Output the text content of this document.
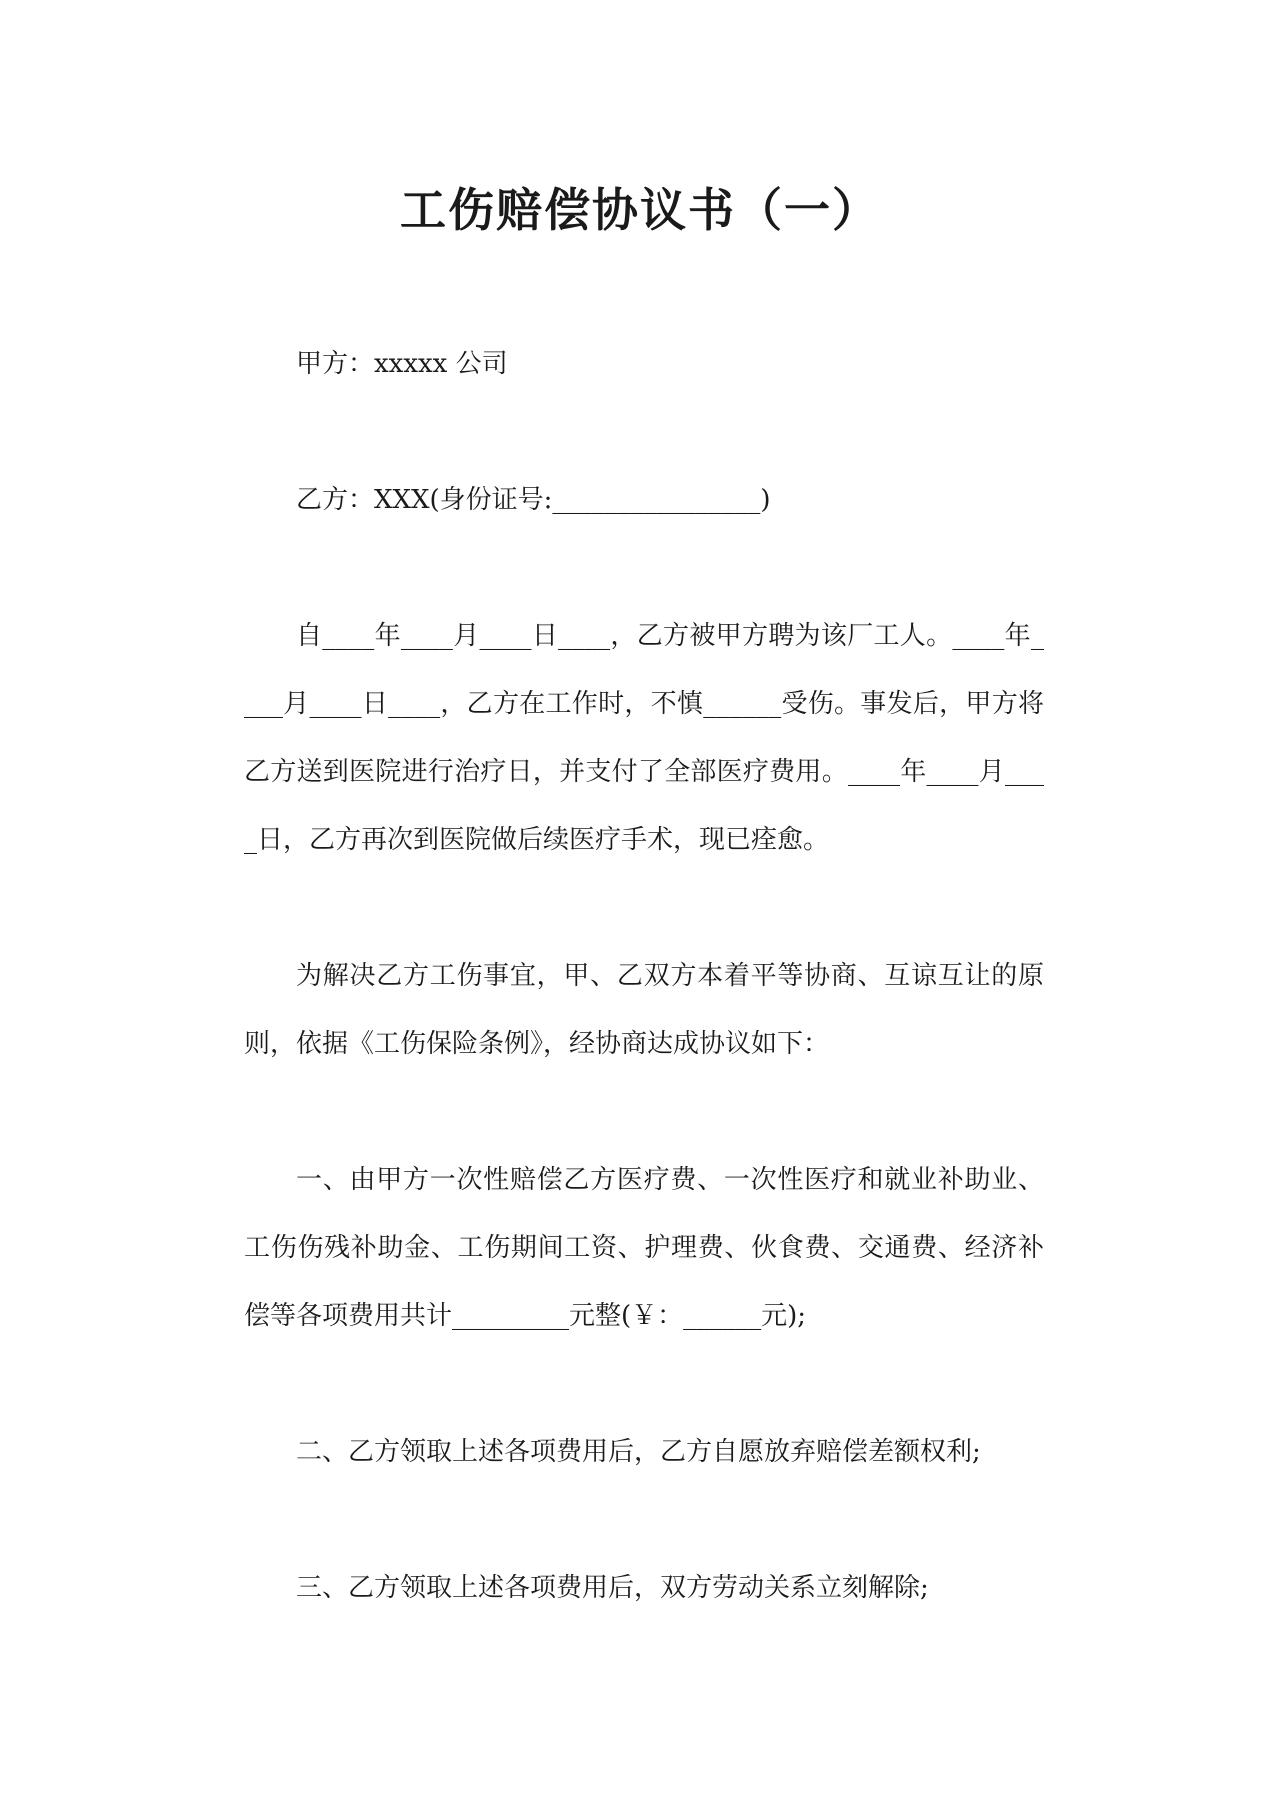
工伤赔偿协议书（一）

甲方：xxxxx 公司

乙方：XXX(身份证号:________________)

自____年____月____日____，乙方被甲方聘为该厂工人。____年____月____日____，乙方在工作时，不慎______受伤。事发后，甲方将乙方送到医院进行治疗日，并支付了全部医疗费用。____年____月____日，乙方再次到医院做后续医疗手术，现已痊愈。

为解决乙方工伤事宜，甲、乙双方本着平等协商、互谅互让的原则，依据《工伤保险条例》，经协商达成协议如下：

一、由甲方一次性赔偿乙方医疗费、一次性医疗和就业补助业、工伤伤残补助金、工伤期间工资、护理费、伙食费、交通费、经济补偿等各项费用共计_________元整(￥：______元);

二、乙方领取上述各项费用后，乙方自愿放弃赔偿差额权利;

三、乙方领取上述各项费用后，双方劳动关系立刻解除;
